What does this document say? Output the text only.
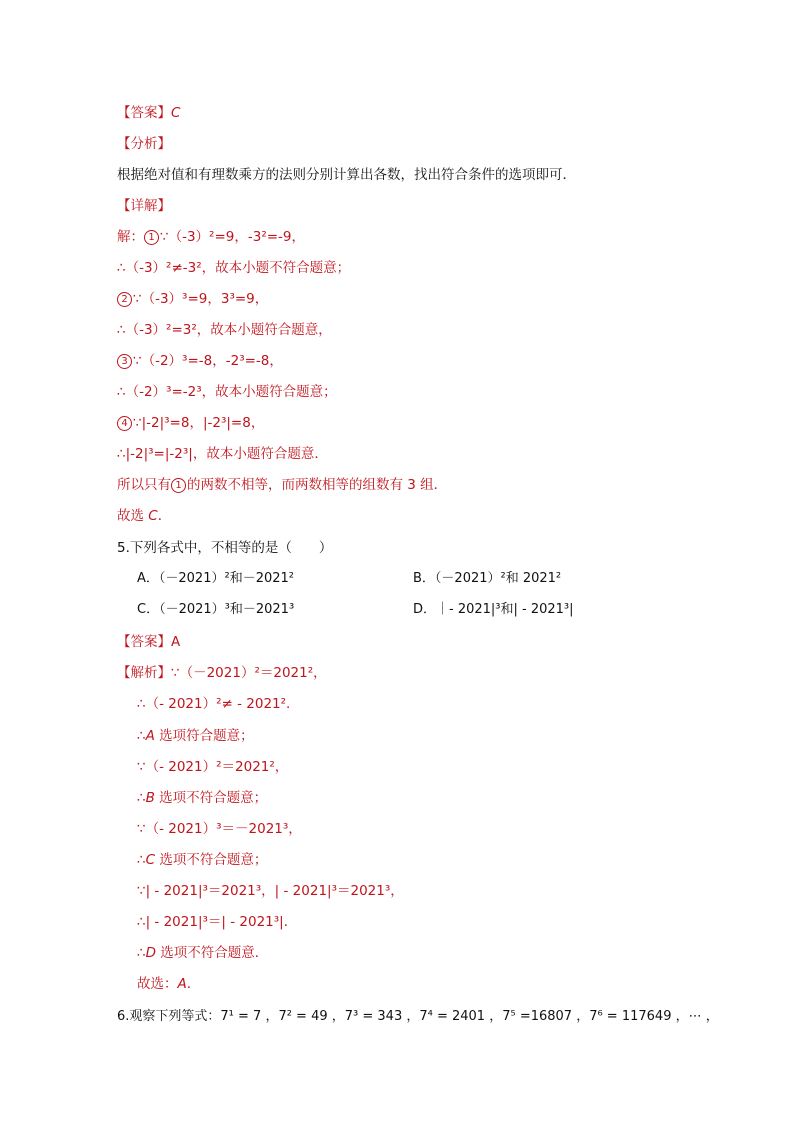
【答案】C
【分析】
根据绝对值和有理数乘方的法则分别计算出各数，找出符合条件的选项即可．
【详解】
解： 1 ∵（-3）²=9，-3²=-9，
∴（-3）²≠-3²，故本小题不符合题意；
2 ∵（-3）³=9，3³=9，
∴（-3）²=3²，故本小题符合题意，
3 ∵（-2）³=-8，-2³=-8，
∴（-2）³=-2³，故本小题符合题意；
4 ∵|-2|³=8，|-2³|=8，
∴|-2|³=|-2³|，故本小题符合题意．
所以只有 1 的两数不相等，而两数相等的组数有 3 组．
故选 C．
5.下列各式中，不相等的是（　　）
A．（－2021）²和－2021²	B．（－2021）²和 2021²
C．（－2021）³和－2021³	D．｜- 2021|³和| - 2021³|
【答案】A
【解析】∵（－2021）²＝2021²，
∴（- 2021）²≠ - 2021².
∴A 选项符合题意；
∵（- 2021）²＝2021²，
∴B 选项不符合题意；
∵（- 2021）³＝－2021³，
∴C 选项不符合题意；
∵| - 2021|³＝2021³，| - 2021|³＝2021³，
∴| - 2021|³＝| - 2021³|．
∴D 选项不符合题意．
故选：A．
6.观察下列等式：7¹ = 7 ，7² = 49 ，7³ = 343 ，7⁴ = 2401 ，7⁵ =16807 ，7⁶ = 117649 ，⋯ ，
